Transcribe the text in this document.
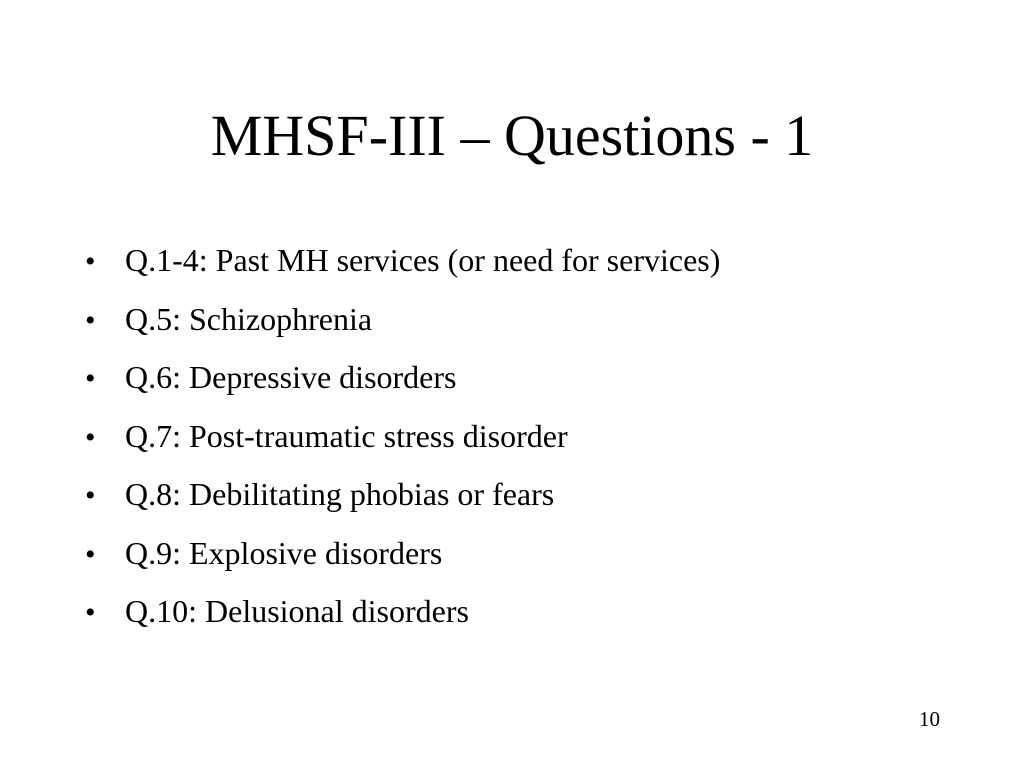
MHSF-III – Questions - 1
• Q.1-4: Past MH services (or need for services)
• Q.5: Schizophrenia
• Q.6: Depressive disorders
• Q.7: Post-traumatic stress disorder
• Q.8: Debilitating phobias or fears
• Q.9: Explosive disorders
• Q.10: Delusional disorders
10
